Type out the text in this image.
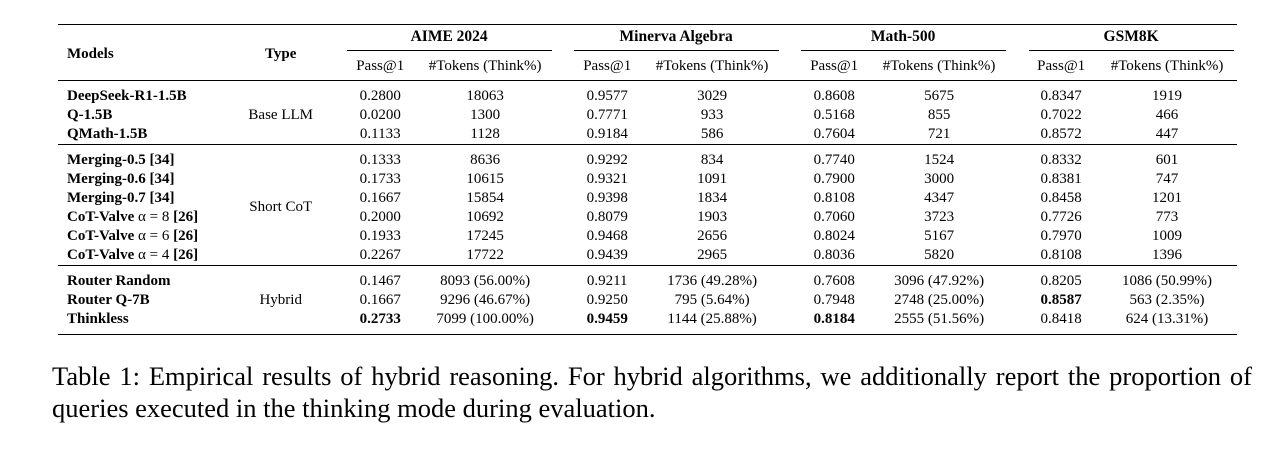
Models	Type		AIME 2024			Minerva Algebra			Math-500			GSM8K	
			Pass@1	#Tokens (Think%)		Pass@1	#Tokens (Think%)		Pass@1	#Tokens (Think%)		Pass@1	#Tokens (Think%)
DeepSeek-R1-1.5B			0.2800	18063		0.9577	3029		0.8608	5675		0.8347	1919
Q-1.5B	Base LLM		0.0200	1300		0.7771	933		0.5168	855		0.7022	466
QMath-1.5B			0.1133	1128		0.9184	586		0.7604	721		0.8572	447
Merging-0.5 [34]			0.1333	8636		0.9292	834		0.7740	1524		0.8332	601
Merging-0.6 [34]			0.1733	10615		0.9321	1091		0.7900	3000		0.8381	747
Merging-0.7 [34]	Short CoT		0.1667	15854		0.9398	1834		0.8108	4347		0.8458	1201
CoT-Valve α = 8 [26]			0.2000	10692		0.8079	1903		0.7060	3723		0.7726	773
CoT-Valve α = 6 [26]			0.1933	17245		0.9468	2656		0.8024	5167		0.7970	1009
CoT-Valve α = 4 [26]			0.2267	17722		0.9439	2965		0.8036	5820		0.8108	1396
Router Random			0.1467	8093 (56.00%)		0.9211	1736 (49.28%)		0.7608	3096 (47.92%)		0.8205	1086 (50.99%)
Router Q-7B	Hybrid		0.1667	9296 (46.67%)		0.9250	795 (5.64%)		0.7948	2748 (25.00%)		0.8587	563 (2.35%)
Thinkless			0.2733	7099 (100.00%)		0.9459	1144 (25.88%)		0.8184	2555 (51.56%)		0.8418	624 (13.31%)
Table 1: Empirical results of hybrid reasoning. For hybrid algorithms, we additionally report the proportion of queries executed in the thinking mode during evaluation.
